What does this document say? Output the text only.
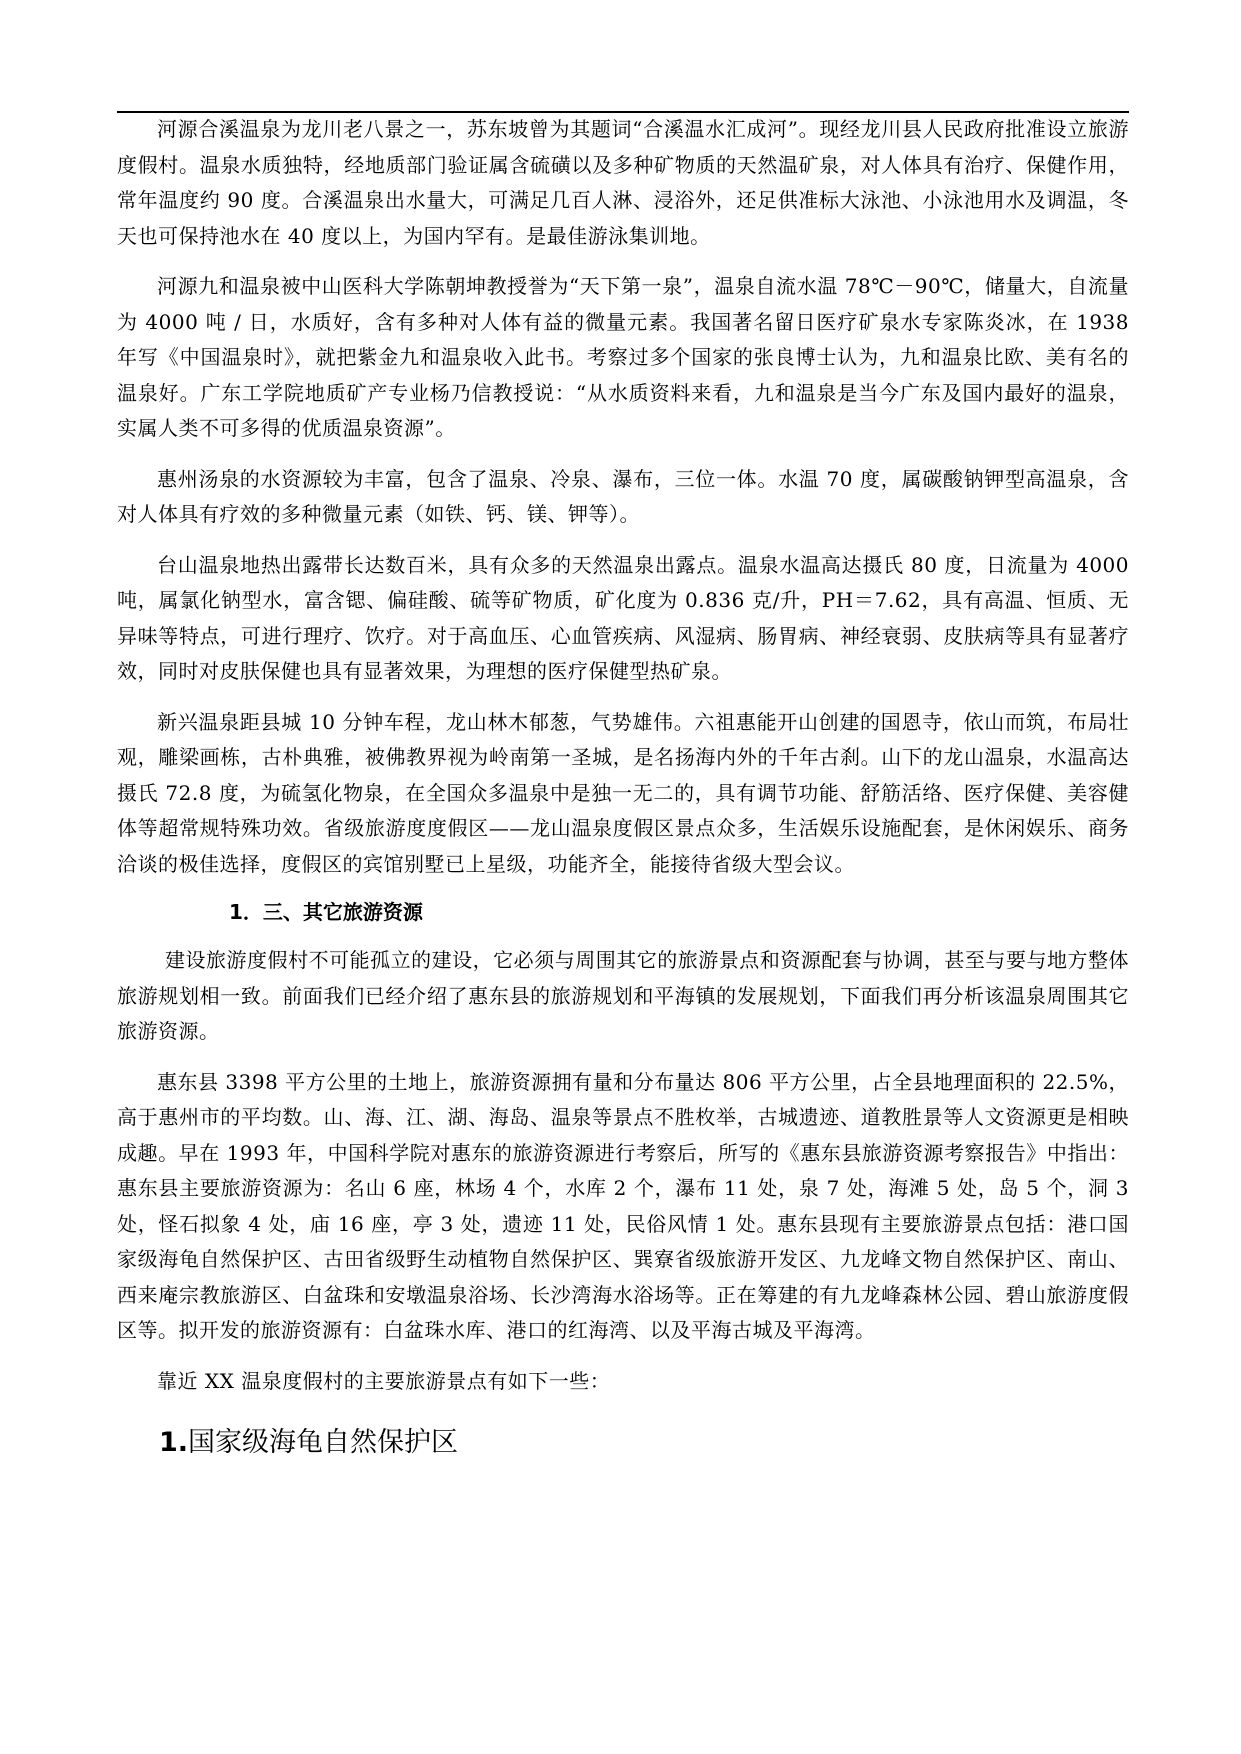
河源合溪温泉为龙川老八景之一，苏东坡曾为其题词“合溪温水汇成河”。现经龙川县人民政府批准设立旅游度假村。温泉水质独特，经地质部门验证属含硫磺以及多种矿物质的天然温矿泉，对人体具有治疗、保健作用，常年温度约 90 度。合溪温泉出水量大，可满足几百人淋、浸浴外，还足供准标大泳池、小泳池用水及调温，冬天也可保持池水在 40 度以上，为国内罕有。是最佳游泳集训地。

河源九和温泉被中山医科大学陈朝坤教授誉为“天下第一泉”，温泉自流水温 78℃－90℃，储量大，自流量为 4000 吨 / 日，水质好，含有多种对人体有益的微量元素。我国著名留日医疗矿泉水专家陈炎冰，在 1938 年写《中国温泉时》，就把紫金九和温泉收入此书。考察过多个国家的张良博士认为，九和温泉比欧、美有名的温泉好。广东工学院地质矿产专业杨乃信教授说：“从水质资料来看，九和温泉是当今广东及国内最好的温泉，实属人类不可多得的优质温泉资源”。

惠州汤泉的水资源较为丰富，包含了温泉、冷泉、瀑布，三位一体。水温 70 度，属碳酸钠钾型高温泉，含对人体具有疗效的多种微量元素（如铁、钙、镁、钾等）。

台山温泉地热出露带长达数百米，具有众多的天然温泉出露点。温泉水温高达摄氏 80 度，日流量为 4000 吨，属氯化钠型水，富含锶、偏硅酸、硫等矿物质，矿化度为 0.836 克/升，PH＝7.62，具有高温、恒质、无异味等特点，可进行理疗、饮疗。对于高血压、心血管疾病、风湿病、肠胃病、神经衰弱、皮肤病等具有显著疗效，同时对皮肤保健也具有显著效果，为理想的医疗保健型热矿泉。

新兴温泉距县城 10 分钟车程，龙山林木郁葱，气势雄伟。六祖惠能开山创建的国恩寺，依山而筑，布局壮观，雕梁画栋，古朴典雅，被佛教界视为岭南第一圣城，是名扬海内外的千年古刹。山下的龙山温泉，水温高达摄氏 72.8 度，为硫氢化物泉，在全国众多温泉中是独一无二的，具有调节功能、舒筋活络、医疗保健、美容健体等超常规特殊功效。省级旅游度度假区——龙山温泉度假区景点众多，生活娱乐设施配套，是休闲娱乐、商务洽谈的极佳选择，度假区的宾馆别墅已上星级，功能齐全，能接待省级大型会议。

1．三、其它旅游资源

建设旅游度假村不可能孤立的建设，它必须与周围其它的旅游景点和资源配套与协调，甚至与要与地方整体旅游规划相一致。前面我们已经介绍了惠东县的旅游规划和平海镇的发展规划，下面我们再分析该温泉周围其它旅游资源。

惠东县 3398 平方公里的土地上，旅游资源拥有量和分布量达 806 平方公里，占全县地理面积的 22.5%，高于惠州市的平均数。山、海、江、湖、海岛、温泉等景点不胜枚举，古城遗迹、道教胜景等人文资源更是相映成趣。早在 1993 年，中国科学院对惠东的旅游资源进行考察后，所写的《惠东县旅游资源考察报告》中指出：惠东县主要旅游资源为：名山 6 座，林场 4 个，水库 2 个，瀑布 11 处，泉 7 处，海滩 5 处，岛 5 个，洞 3 处，怪石拟象 4 处，庙 16 座，亭 3 处，遗迹 11 处，民俗风情 1 处。惠东县现有主要旅游景点包括：港口国家级海龟自然保护区、古田省级野生动植物自然保护区、巽寮省级旅游开发区、九龙峰文物自然保护区、南山、西来庵宗教旅游区、白盆珠和安墩温泉浴场、长沙湾海水浴场等。正在筹建的有九龙峰森林公园、碧山旅游度假区等。拟开发的旅游资源有：白盆珠水库、港口的红海湾、以及平海古城及平海湾。

靠近 XX 温泉度假村的主要旅游景点有如下一些：

1.国家级海龟自然保护区
